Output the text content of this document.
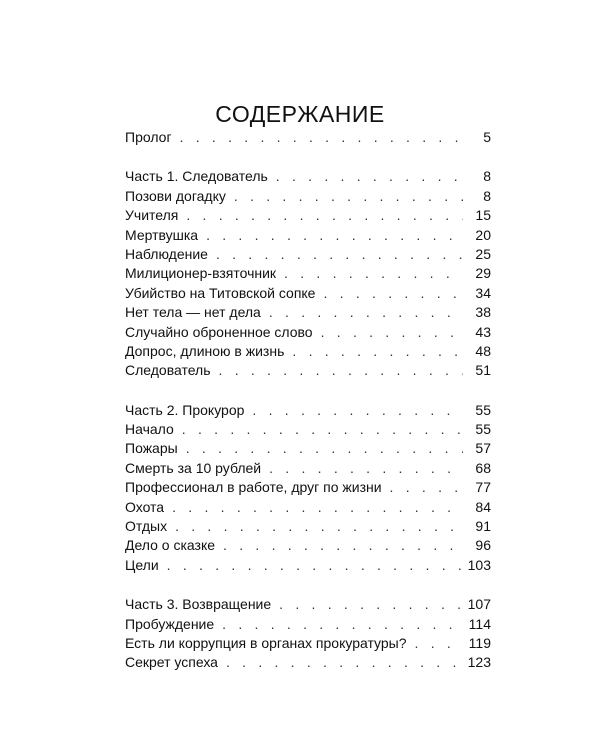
СОДЕРЖАНИЕ
Пролог . . .	5
Часть 1. Следователь . . .	8
Позови догадку . . .	8
Учителя . . .	15
Мертвушка . . .	20
Наблюдение . . .	25
Милиционер-взяточник . . .	29
Убийство на Титовской сопке . . .	34
Нет тела — нет дела . . .	38
Случайно оброненное слово . . .	43
Допрос, длиною в жизнь . . .	48
Следователь . . .	51
Часть 2. Прокурор . . .	55
Начало . . .	55
Пожары . . .	57
Смерть за 10 рублей . . .	68
Профессионал в работе, друг по жизни . . .	77
Охота . . .	84
Отдых . . .	91
Дело о сказке . . .	96
Цели . . .	103
Часть 3. Возвращение . . .	107
Пробуждение . . .	114
Есть ли коррупция в органах прокуратуры? . . .	119
Секрет успеха . . .	123
